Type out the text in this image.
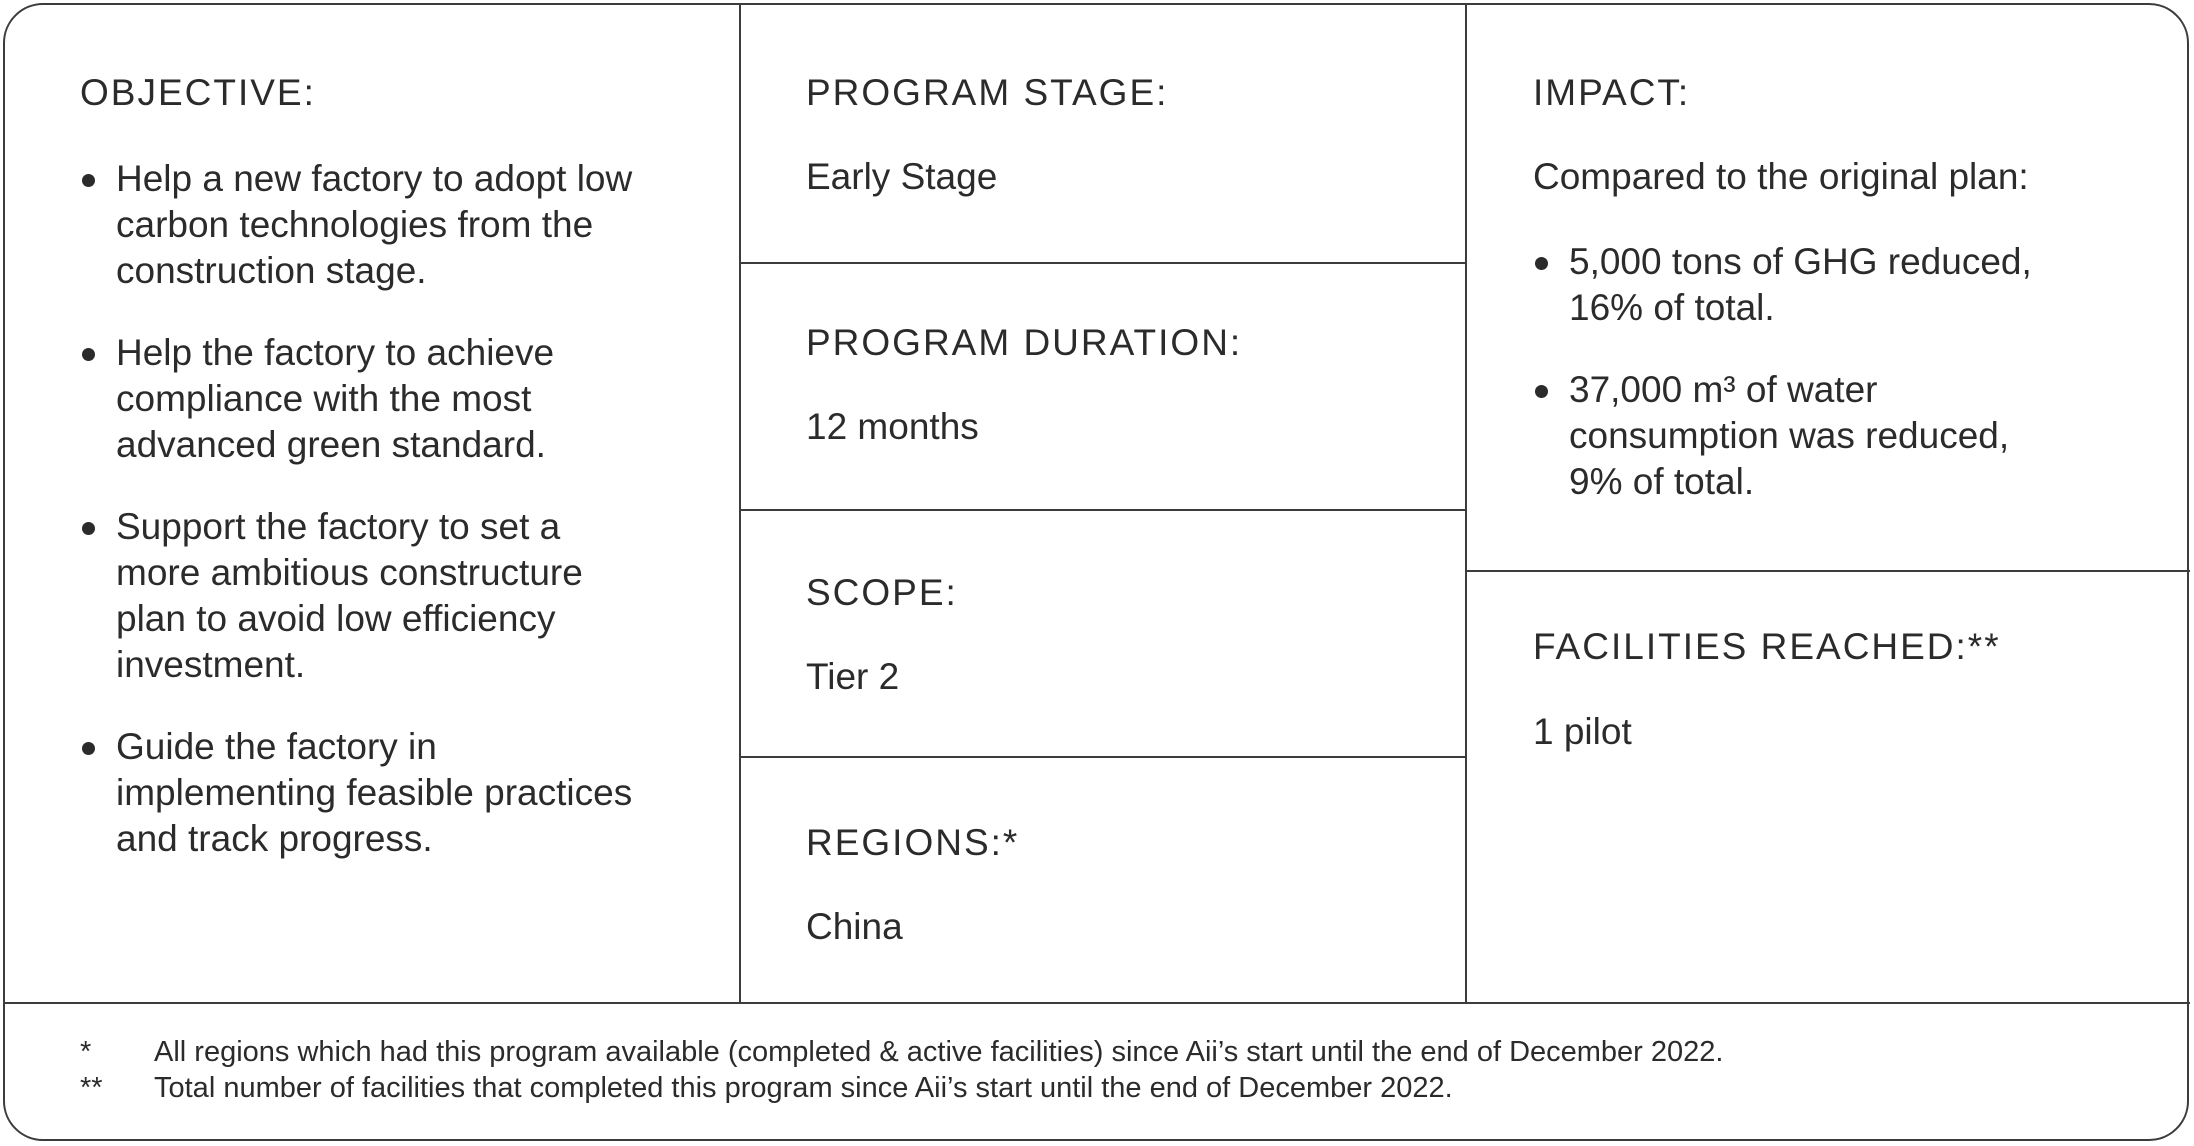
OBJECTIVE:
Help a new factory to adopt low
carbon technologies from the
construction stage.
Help the factory to achieve
compliance with the most
advanced green standard.
Support the factory to set a
more ambitious constructure
plan to avoid low efficiency
investment.
Guide the factory in
implementing feasible practices
and track progress.
PROGRAM STAGE:
Early Stage
PROGRAM DURATION:
12 months
SCOPE:
Tier 2
REGIONS:*
China
IMPACT:
Compared to the original plan:
5,000 tons of GHG reduced,
16% of total.
37,000 m³ of water
consumption was reduced,
9% of total.
FACILITIES REACHED:**
1 pilot
* All regions which had this program available (completed & active facilities) since Aii’s start until the end of December 2022.
** Total number of facilities that completed this program since Aii’s start until the end of December 2022.
